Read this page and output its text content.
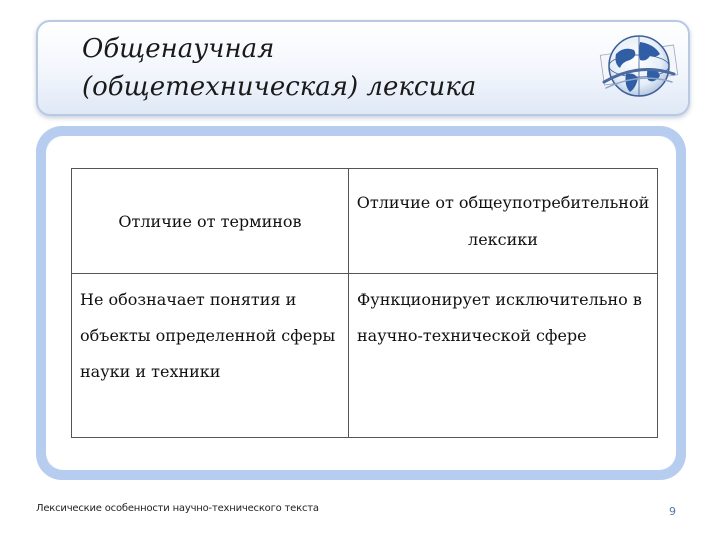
Общенаучная
(общетехническая) лексика
Отличие от терминов	Отличие от общеупотребительной лексики
Не обозначает понятия и объекты определенной сферы науки и техники	Функционирует исключительно в научно-технической сфере
Лексические особенности научно-технического текста	9
